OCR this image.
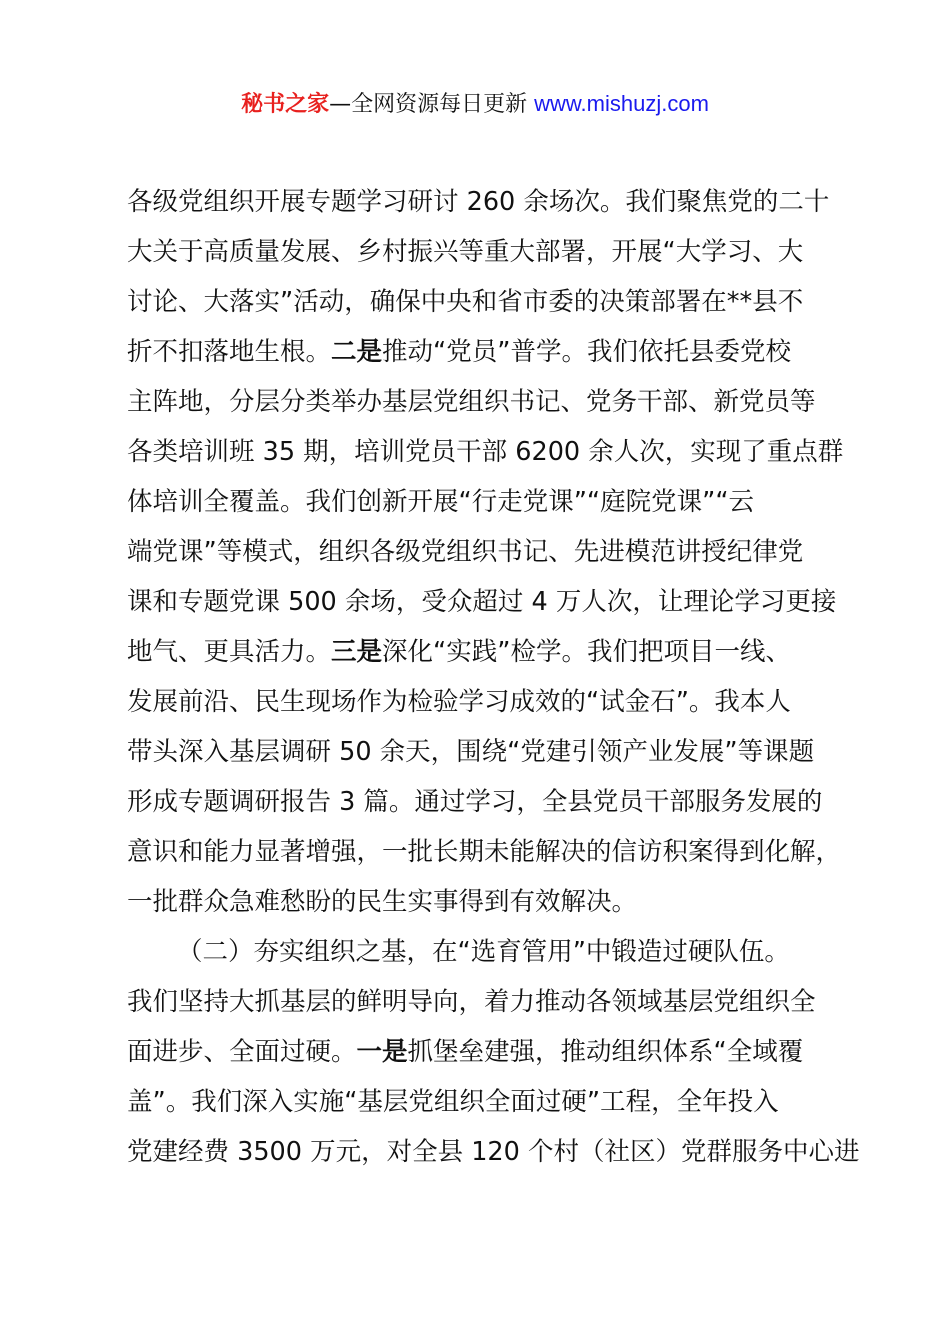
秘书之家—全网资源每日更新 www.mishuzj.com
各级党组织开展专题学习研讨 260 余场次。我们聚焦党的二十
大关于高质量发展、乡村振兴等重大部署，开展“大学习、大
讨论、大落实”活动，确保中央和省市委的决策部署在**县不
折不扣落地生根。二是推动“党员”普学。我们依托县委党校
主阵地，分层分类举办基层党组织书记、党务干部、新党员等
各类培训班 35 期，培训党员干部 6200 余人次，实现了重点群
体培训全覆盖。我们创新开展“行走党课”“庭院党课”“云
端党课”等模式，组织各级党组织书记、先进模范讲授纪律党
课和专题党课 500 余场，受众超过 4 万人次，让理论学习更接
地气、更具活力。三是深化“实践”检学。我们把项目一线、
发展前沿、民生现场作为检验学习成效的“试金石”。我本人
带头深入基层调研 50 余天，围绕“党建引领产业发展”等课题
形成专题调研报告 3 篇。通过学习，全县党员干部服务发展的
意识和能力显著增强，一批长期未能解决的信访积案得到化解，
一批群众急难愁盼的民生实事得到有效解决。
（二）夯实组织之基，在“选育管用”中锻造过硬队伍。
我们坚持大抓基层的鲜明导向，着力推动各领域基层党组织全
面进步、全面过硬。一是抓堡垒建强，推动组织体系“全域覆
盖”。我们深入实施“基层党组织全面过硬”工程，全年投入
党建经费 3500 万元，对全县 120 个村（社区）党群服务中心进
